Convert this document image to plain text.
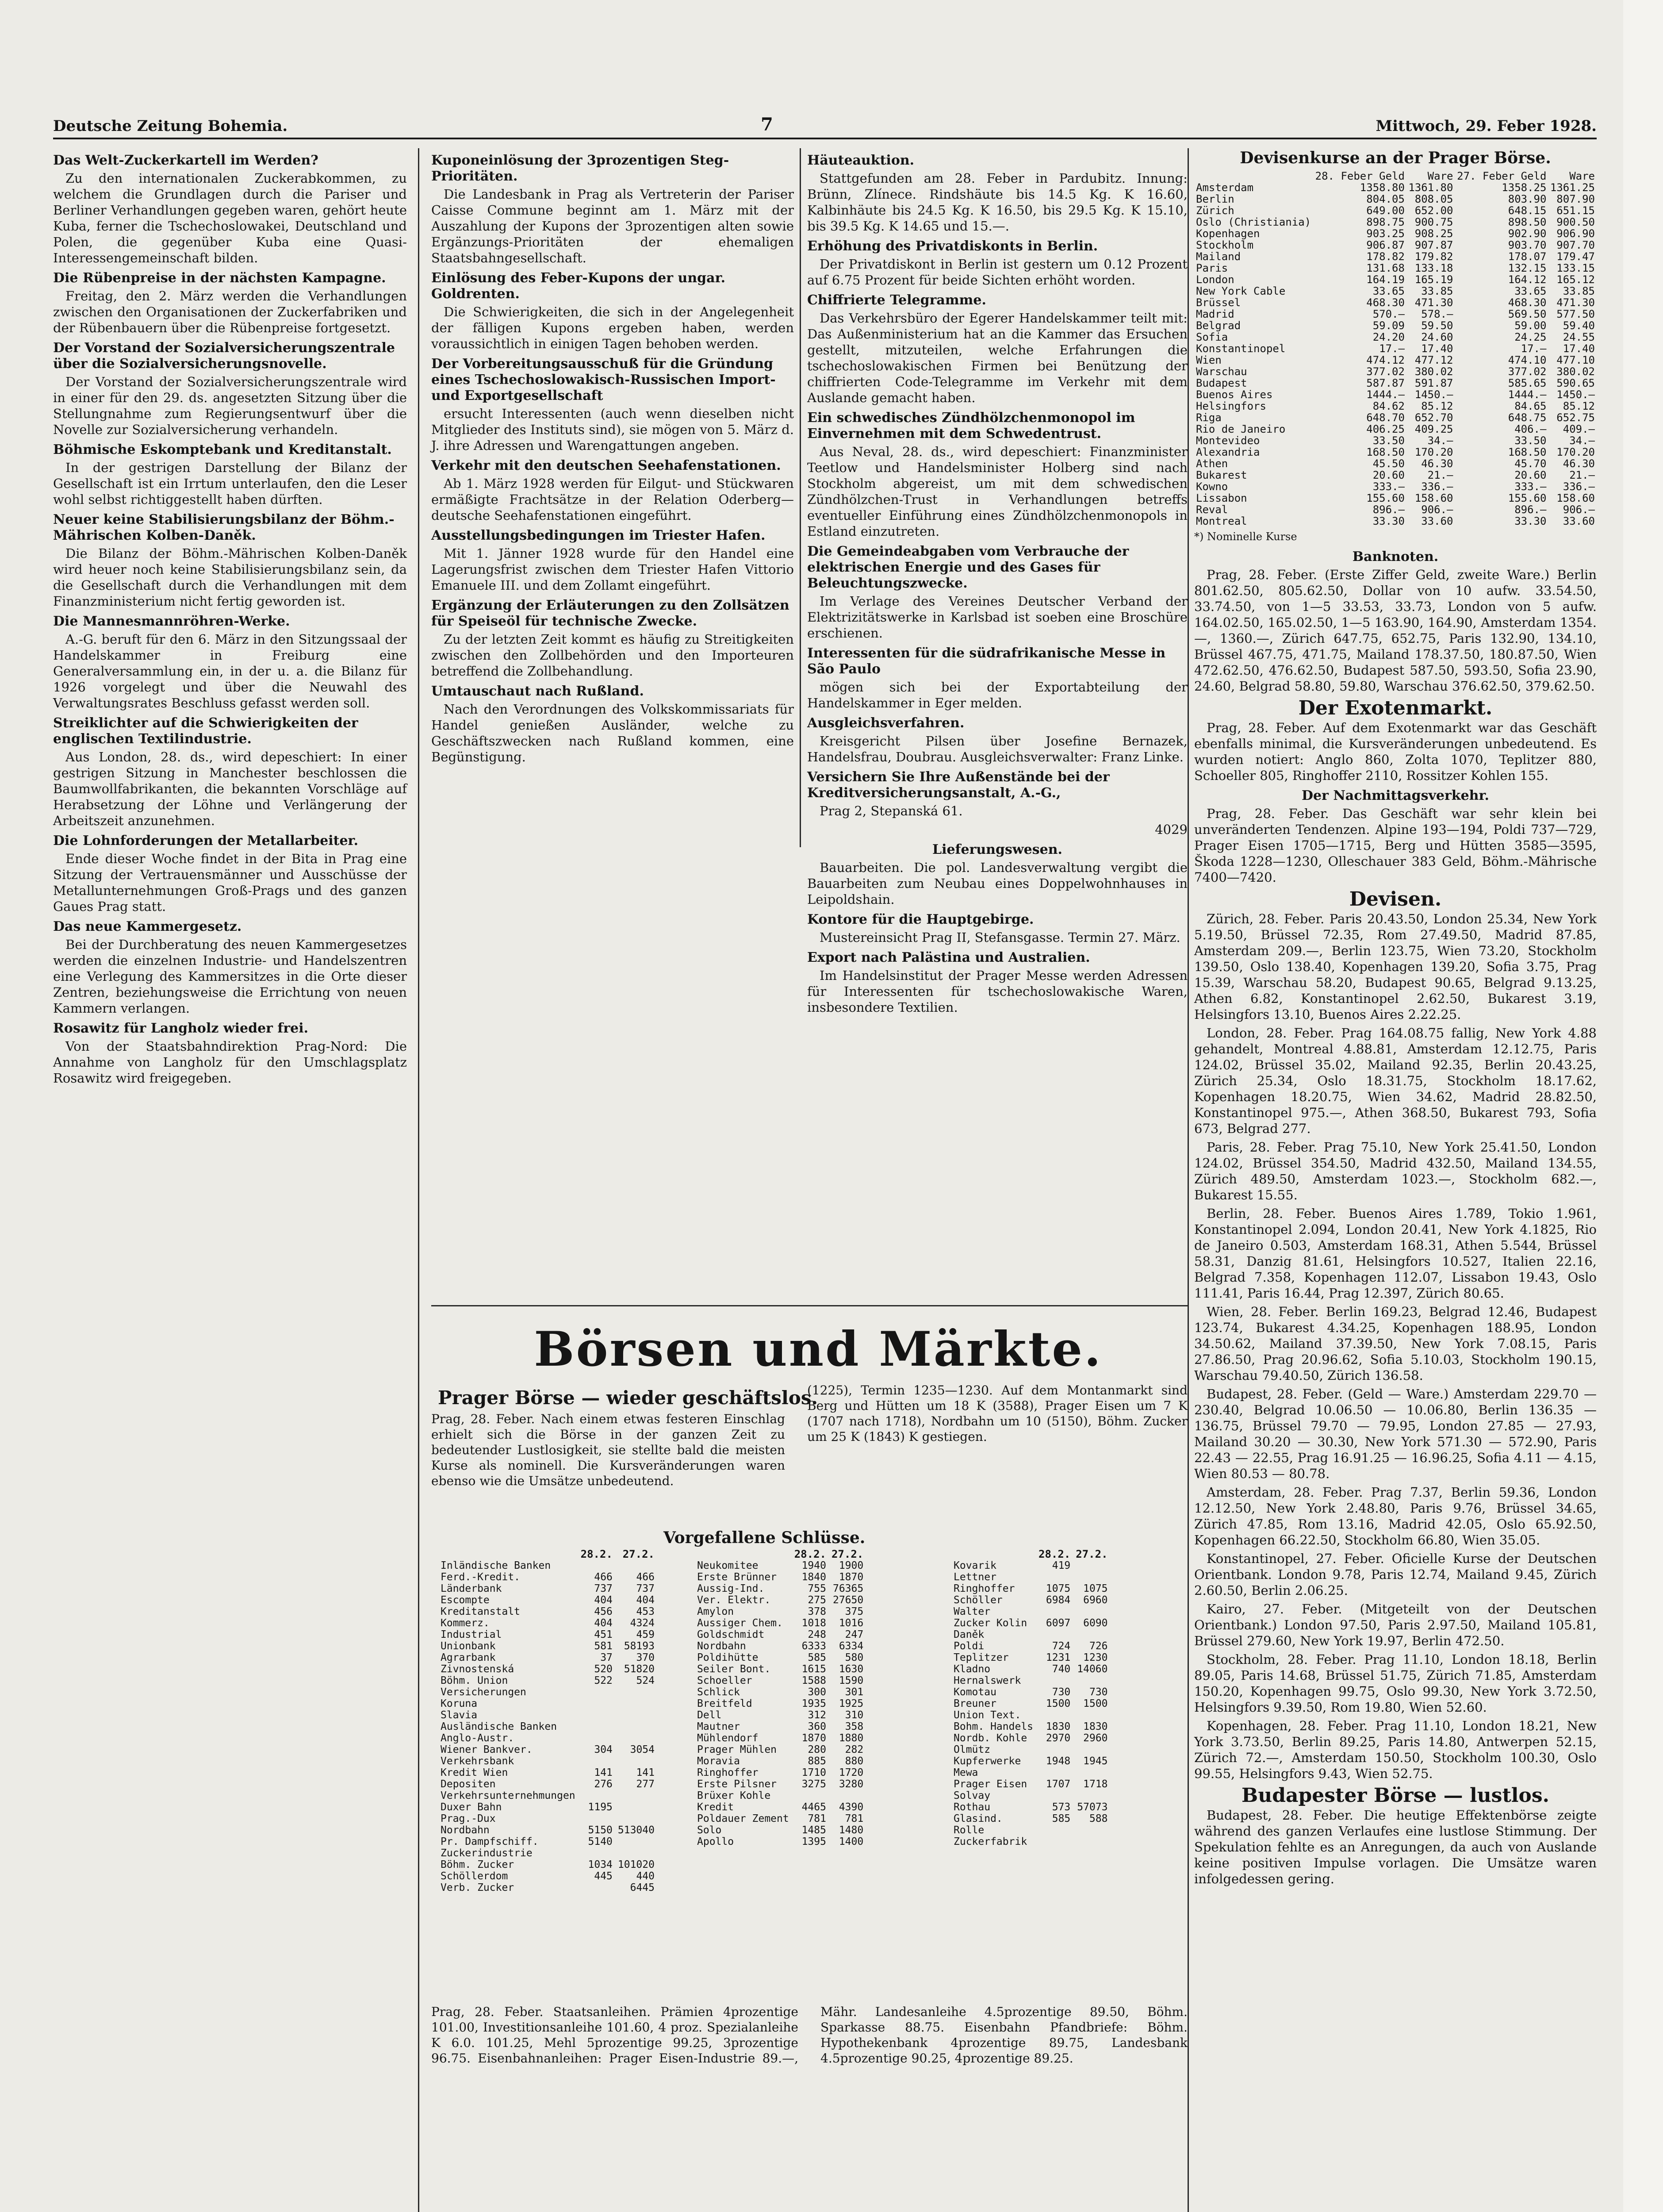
Deutsche Zeitung Bohemia.	7	Mittwoch, 29. Feber 1928.
Das Welt-Zuckerkartell im Werden?

Zu den internationalen Zuckerabkommen, zu welchem die Grundlagen durch die Pariser und Berliner Verhandlungen gegeben waren, gehört heute Kuba, ferner die Tschechoslowakei, Deutschland und Polen, die gegenüber Kuba eine Quasi-Interessengemeinschaft bilden.

Die Rübenpreise in der nächsten Kampagne.

Freitag, den 2. März werden die Verhandlungen zwischen den Organisationen der Zuckerfabriken und der Rübenbauern über die Rübenpreise fortgesetzt.

Der Vorstand der Sozialversicherungszentrale über die Sozialversicherungsnovelle.

Der Vorstand der Sozialversicherungszentrale wird in einer für den 29. ds. angesetzten Sitzung über die Stellungnahme zum Regierungsentwurf über die Novelle zur Sozialversicherung verhandeln.

Böhmische Eskomptebank und Kreditanstalt.

In der gestrigen Darstellung der Bilanz der Gesellschaft ist ein Irrtum unterlaufen, den die Leser wohl selbst richtiggestellt haben dürften.

Neuer keine Stabilisierungsbilanz der Böhm.-Mährischen Kolben-Daněk.

Die Bilanz der Böhm.-Mährischen Kolben-Daněk wird heuer noch keine Stabilisierungsbilanz sein, da die Gesellschaft durch die Verhandlungen mit dem Finanzministerium nicht fertig geworden ist.

Die Mannesmannröhren-Werke.

A.-G. beruft für den 6. März in den Sitzungssaal der Handelskammer in Freiburg eine Generalversammlung ein, in der u. a. die Bilanz für 1926 vorgelegt und über die Neuwahl des Verwaltungsrates Beschluss gefasst werden soll.

Streiklichter auf die Schwierigkeiten der englischen Textilindustrie.

Aus London, 28. ds., wird depeschiert: In einer gestrigen Sitzung in Manchester beschlossen die Baumwollfabrikanten, die bekannten Vorschläge auf Herabsetzung der Löhne und Verlängerung der Arbeitszeit anzunehmen.

Die Lohnforderungen der Metallarbeiter.

Ende dieser Woche findet in der Bita in Prag eine Sitzung der Vertrauensmänner und Ausschüsse der Metallunternehmungen Groß-Prags und des ganzen Gaues Prag statt.

Das neue Kammergesetz.

Bei der Durchberatung des neuen Kammergesetzes werden die einzelnen Industrie- und Handelszentren eine Verlegung des Kammersitzes in die Orte dieser Zentren, beziehungsweise die Errichtung von neuen Kammern verlangen.

Rosawitz für Langholz wieder frei.

Von der Staatsbahndirektion Prag-Nord: Die Annahme von Langholz für den Umschlagsplatz Rosawitz wird freigegeben.

Kuponeinlösung der 3prozentigen Steg-Prioritäten.

Die Landesbank in Prag als Vertreterin der Pariser Caisse Commune beginnt am 1. März mit der Auszahlung der Kupons der 3prozentigen alten sowie Ergänzungs-Prioritäten der ehemaligen Staatsbahngesellschaft.

Einlösung des Feber-Kupons der ungar. Goldrenten.

Die Schwierigkeiten, die sich in der Angelegenheit der fälligen Kupons ergeben haben, werden voraussichtlich in einigen Tagen behoben werden.

Der Vorbereitungsausschuß für die Gründung eines Tschechoslowakisch-Russischen Import- und Exportgesellschaft

ersucht Interessenten (auch wenn dieselben nicht Mitglieder des Instituts sind), sie mögen von 5. März d. J. ihre Adressen und Warengattungen angeben.

Verkehr mit den deutschen Seehafenstationen.

Ab 1. März 1928 werden für Eilgut- und Stückwaren ermäßigte Frachtsätze in der Relation Oderberg—deutsche Seehafenstationen eingeführt.

Ausstellungsbedingungen im Triester Hafen.

Mit 1. Jänner 1928 wurde für den Handel eine Lagerungsfrist zwischen dem Triester Hafen Vittorio Emanuele III. und dem Zollamt eingeführt.

Ergänzung der Erläuterungen zu den Zollsätzen für Speiseöl für technische Zwecke.

Zu der letzten Zeit kommt es häufig zu Streitigkeiten zwischen den Zollbehörden und den Importeuren betreffend die Zollbehandlung.

Umtauschaut nach Rußland.

Nach den Verordnungen des Volkskommissariats für Handel genießen Ausländer, welche zu Geschäftszwecken nach Rußland kommen, eine Begünstigung.

Häuteauktion.

Stattgefunden am 28. Feber in Pardubitz. Innung: Brünn, Zlínece. Rindshäute bis 14.5 Kg. K 16.60, Kalbinhäute bis 24.5 Kg. K 16.50, bis 29.5 Kg. K 15.10, bis 39.5 Kg. K 14.65 und 15.—.

Erhöhung des Privatdiskonts in Berlin.

Der Privatdiskont in Berlin ist gestern um 0.12 Prozent auf 6.75 Prozent für beide Sichten erhöht worden.

Chiffrierte Telegramme.

Das Verkehrsbüro der Egerer Handelskammer teilt mit: Das Außenministerium hat an die Kammer das Ersuchen gestellt, mitzuteilen, welche Erfahrungen die tschechoslowakischen Firmen bei Benützung der chiffrierten Code-Telegramme im Verkehr mit dem Auslande gemacht haben.

Ein schwedisches Zündhölzchenmonopol im Einvernehmen mit dem Schwedentrust.

Aus Neval, 28. ds., wird depeschiert: Finanzminister Teetlow und Handelsminister Holberg sind nach Stockholm abgereist, um mit dem schwedischen Zündhölzchen-Trust in Verhandlungen betreffs eventueller Einführung eines Zündhölzchenmonopols in Estland einzutreten.

Die Gemeindeabgaben vom Verbrauche der elektrischen Energie und des Gases für Beleuchtungszwecke.

Im Verlage des Vereines Deutscher Verband der Elektrizitätswerke in Karlsbad ist soeben eine Broschüre erschienen.

Interessenten für die südrafrikanische Messe in São Paulo

mögen sich bei der Exportabteilung der Handelskammer in Eger melden.

Ausgleichsverfahren.

Kreisgericht Pilsen über Josefine Bernazek, Handelsfrau, Doubrau. Ausgleichsverwalter: Franz Linke.

Versichern Sie Ihre Außenstände bei der Kreditversicherungsanstalt, A.-G.,

Prag 2, Stepanská 61.

4029

Lieferungswesen.

Bauarbeiten. Die pol. Landesverwaltung vergibt die Bauarbeiten zum Neubau eines Doppelwohnhauses in Leipoldshain.

Kontore für die Hauptgebirge.

Mustereinsicht Prag II, Stefansgasse. Termin 27. März.

Export nach Palästina und Australien.

Im Handelsinstitut der Prager Messe werden Adressen für Interessenten für tschechoslowakische Waren, insbesondere Textilien.

Börsen und Märkte.
Prager Börse — wieder geschäftslos.
Prag, 28. Feber. Nach einem etwas festeren Einschlag erhielt sich die Börse in der ganzen Zeit zu bedeutender Lustlosigkeit, sie stellte bald die meisten Kurse als nominell. Die Kursveränderungen waren ebenso wie die Umsätze unbedeutend.
(1225), Termin 1235—1230. Auf dem Montanmarkt sind Berg und Hütten um 18 K (3588), Prager Eisen um 7 K (1707 nach 1718), Nordbahn um 10 (5150), Böhm. Zucker um 25 K (1843) K gestiegen.
Vorgefallene Schlüsse.
	28.2.	27.2.
Inländische Banken		
Ferd.-Kredit.	466	466
Länderbank	737	737
Escompte	404	404
Kreditanstalt	456	453
Kommerz.	404	4324
Industrial	451	459
Unionbank	581	58193
Agrarbank	37	370
Zivnostenská	520	51820
Böhm. Union	522	524
Versicherungen		
Koruna		
Slavia		
Ausländische Banken		
Anglo-Austr.		
Wiener Bankver.	304	3054
Verkehrsbank		
Kredit Wien	141	141
Depositen	276	277
Verkehrsunternehmungen		
Duxer Bahn	1195	
Prag.-Dux		
Nordbahn	5150	513040
Pr. Dampfschiff.	5140	
Zuckerindustrie		
Böhm. Zucker	1034	101020
Schöllerdom	445	440
Verb. Zucker		6445
	28.2.	27.2.
Neukomitee	1940	1900
Erste Brünner	1840	1870
Aussig-Ind.	755	76365
Ver. Elektr.	275	27650
Amylon	378	375
Aussiger Chem.	1018	1016
Goldschmidt	248	247
Nordbahn	6333	6334
Poldihütte	585	580
Seiler Bont.	1615	1630
Schoeller	1588	1590
Schlick	300	301
Breitfeld	1935	1925
Dell	312	310
Mautner	360	358
Mühlendorf	1870	1880
Prager Mühlen	280	282
Moravia	885	880
Ringhoffer	1710	1720
Erste Pilsner	3275	3280
Brüxer Kohle		
Kredit	4465	4390
Poldauer Zement	781	781
Solo	1485	1480
Apollo	1395	1400
	28.2.	27.2.
Kovarik	419	
Lettner		
Ringhoffer	1075	1075
Schöller	6984	6960
Walter		
Zucker Kolin	6097	6090
Daněk		
Poldi	724	726
Teplitzer	1231	1230
Kladno	740	14060
Hernalswerk		
Komotau	730	730
Breuner	1500	1500
Union Text.		
Bohm. Handels	1830	1830
Nordb. Kohle	2970	2960
Olmütz		
Kupferwerke	1948	1945
Mewa		
Prager Eisen	1707	1718
Solvay		
Rothau	573	57073
Glasind.	585	588
Rolle		
Zuckerfabrik		
Prag, 28. Feber. Staatsanleihen. Prämien 4prozentige 101.00, Investitionsanleihe 101.60, 4 proz. Spezialanleihe K 6.0. 101.25, Mehl 5prozentige 99.25, 3prozentige 96.75. Eisenbahnanleihen: Prager Eisen-Industrie 89.—, Mähr. Landesanleihe 4.5prozentige 89.50, Böhm. Sparkasse 88.75. Eisenbahn Pfandbriefe: Böhm. Hypothekenbank 4prozentige 89.75, Landesbank 4.5prozentige 90.25, 4prozentige 89.25.
Devisenkurse an der Prager Börse.
	28. Feber Geld	Ware	27. Feber Geld	Ware
Amsterdam	1358.80	1361.80	1358.25	1361.25
Berlin	804.05	808.05	803.90	807.90
Zürich	649.00	652.00	648.15	651.15
Oslo (Christiania)	898.75	900.75	898.50	900.50
Kopenhagen	903.25	908.25	902.90	906.90
Stockholm	906.87	907.87	903.70	907.70
Mailand	178.82	179.82	178.07	179.47
Paris	131.68	133.18	132.15	133.15
London	164.19	165.19	164.12	165.12
New York Cable	33.65	33.85	33.65	33.85
Brüssel	468.30	471.30	468.30	471.30
Madrid	570.—	578.—	569.50	577.50
Belgrad	59.09	59.50	59.00	59.40
Sofia	24.20	24.60	24.25	24.55
Konstantinopel	17.—	17.40	17.—	17.40
Wien	474.12	477.12	474.10	477.10
Warschau	377.02	380.02	377.02	380.02
Budapest	587.87	591.87	585.65	590.65
Buenos Aires	1444.—	1450.—	1444.—	1450.—
Helsingfors	84.62	85.12	84.65	85.12
Riga	648.70	652.70	648.75	652.75
Rio de Janeiro	406.25	409.25	406.—	409.—
Montevideo	33.50	34.—	33.50	34.—
Alexandria	168.50	170.20	168.50	170.20
Athen	45.50	46.30	45.70	46.30
Bukarest	20.60	21.—	20.60	21.—
Kowno	333.—	336.—	333.—	336.—
Lissabon	155.60	158.60	155.60	158.60
Reval	896.—	906.—	896.—	906.—
Montreal	33.30	33.60	33.30	33.60
*) Nominelle Kurse
Banknoten.

Prag, 28. Feber. (Erste Ziffer Geld, zweite Ware.) Berlin 801.62.50, 805.62.50, Dollar von 10 aufw. 33.54.50, 33.74.50, von 1—5 33.53, 33.73, London von 5 aufw. 164.02.50, 165.02.50, 1—5 163.90, 164.90, Amsterdam 1354.—, 1360.—, Zürich 647.75, 652.75, Paris 132.90, 134.10, Brüssel 467.75, 471.75, Mailand 178.37.50, 180.87.50, Wien 472.62.50, 476.62.50, Budapest 587.50, 593.50, Sofia 23.90, 24.60, Belgrad 58.80, 59.80, Warschau 376.62.50, 379.62.50.

Der Exotenmarkt.

Prag, 28. Feber. Auf dem Exotenmarkt war das Geschäft ebenfalls minimal, die Kursveränderungen unbedeutend. Es wurden notiert: Anglo 860, Zolta 1070, Teplitzer 880, Schoeller 805, Ringhoffer 2110, Rossitzer Kohlen 155.

Der Nachmittagsverkehr.

Prag, 28. Feber. Das Geschäft war sehr klein bei unveränderten Tendenzen. Alpine 193—194, Poldi 737—729, Prager Eisen 1705—1715, Berg und Hütten 3585—3595, Škoda 1228—1230, Olleschauer 383 Geld, Böhm.-Mährische 7400—7420.

Devisen.

Zürich, 28. Feber. Paris 20.43.50, London 25.34, New York 5.19.50, Brüssel 72.35, Rom 27.49.50, Madrid 87.85, Amsterdam 209.—, Berlin 123.75, Wien 73.20, Stockholm 139.50, Oslo 138.40, Kopenhagen 139.20, Sofia 3.75, Prag 15.39, Warschau 58.20, Budapest 90.65, Belgrad 9.13.25, Athen 6.82, Konstantinopel 2.62.50, Bukarest 3.19, Helsingfors 13.10, Buenos Aires 2.22.25.

London, 28. Feber. Prag 164.08.75 fallig, New York 4.88 gehandelt, Montreal 4.88.81, Amsterdam 12.12.75, Paris 124.02, Brüssel 35.02, Mailand 92.35, Berlin 20.43.25, Zürich 25.34, Oslo 18.31.75, Stockholm 18.17.62, Kopenhagen 18.20.75, Wien 34.62, Madrid 28.82.50, Konstantinopel 975.—, Athen 368.50, Bukarest 793, Sofia 673, Belgrad 277.

Paris, 28. Feber. Prag 75.10, New York 25.41.50, London 124.02, Brüssel 354.50, Madrid 432.50, Mailand 134.55, Zürich 489.50, Amsterdam 1023.—, Stockholm 682.—, Bukarest 15.55.

Berlin, 28. Feber. Buenos Aires 1.789, Tokio 1.961, Konstantinopel 2.094, London 20.41, New York 4.1825, Rio de Janeiro 0.503, Amsterdam 168.31, Athen 5.544, Brüssel 58.31, Danzig 81.61, Helsingfors 10.527, Italien 22.16, Belgrad 7.358, Kopenhagen 112.07, Lissabon 19.43, Oslo 111.41, Paris 16.44, Prag 12.397, Zürich 80.65.

Wien, 28. Feber. Berlin 169.23, Belgrad 12.46, Budapest 123.74, Bukarest 4.34.25, Kopenhagen 188.95, London 34.50.62, Mailand 37.39.50, New York 7.08.15, Paris 27.86.50, Prag 20.96.62, Sofia 5.10.03, Stockholm 190.15, Warschau 79.40.50, Zürich 136.58.

Budapest, 28. Feber. (Geld — Ware.) Amsterdam 229.70 — 230.40, Belgrad 10.06.50 — 10.06.80, Berlin 136.35 — 136.75, Brüssel 79.70 — 79.95, London 27.85 — 27.93, Mailand 30.20 — 30.30, New York 571.30 — 572.90, Paris 22.43 — 22.55, Prag 16.91.25 — 16.96.25, Sofia 4.11 — 4.15, Wien 80.53 — 80.78.

Amsterdam, 28. Feber. Prag 7.37, Berlin 59.36, London 12.12.50, New York 2.48.80, Paris 9.76, Brüssel 34.65, Zürich 47.85, Rom 13.16, Madrid 42.05, Oslo 65.92.50, Kopenhagen 66.22.50, Stockholm 66.80, Wien 35.05.

Konstantinopel, 27. Feber. Oficielle Kurse der Deutschen Orientbank. London 9.78, Paris 12.74, Mailand 9.45, Zürich 2.60.50, Berlin 2.06.25.

Kairo, 27. Feber. (Mitgeteilt von der Deutschen Orientbank.) London 97.50, Paris 2.97.50, Mailand 105.81, Brüssel 279.60, New York 19.97, Berlin 472.50.

Stockholm, 28. Feber. Prag 11.10, London 18.18, Berlin 89.05, Paris 14.68, Brüssel 51.75, Zürich 71.85, Amsterdam 150.20, Kopenhagen 99.75, Oslo 99.30, New York 3.72.50, Helsingfors 9.39.50, Rom 19.80, Wien 52.60.

Kopenhagen, 28. Feber. Prag 11.10, London 18.21, New York 3.73.50, Berlin 89.25, Paris 14.80, Antwerpen 52.15, Zürich 72.—, Amsterdam 150.50, Stockholm 100.30, Oslo 99.55, Helsingfors 9.43, Wien 52.75.

Budapester Börse — lustlos.

Budapest, 28. Feber. Die heutige Effektenbörse zeigte während des ganzen Verlaufes eine lustlose Stimmung. Der Spekulation fehlte es an Anregungen, da auch von Auslande keine positiven Impulse vorlagen. Die Umsätze waren infolgedessen gering.
